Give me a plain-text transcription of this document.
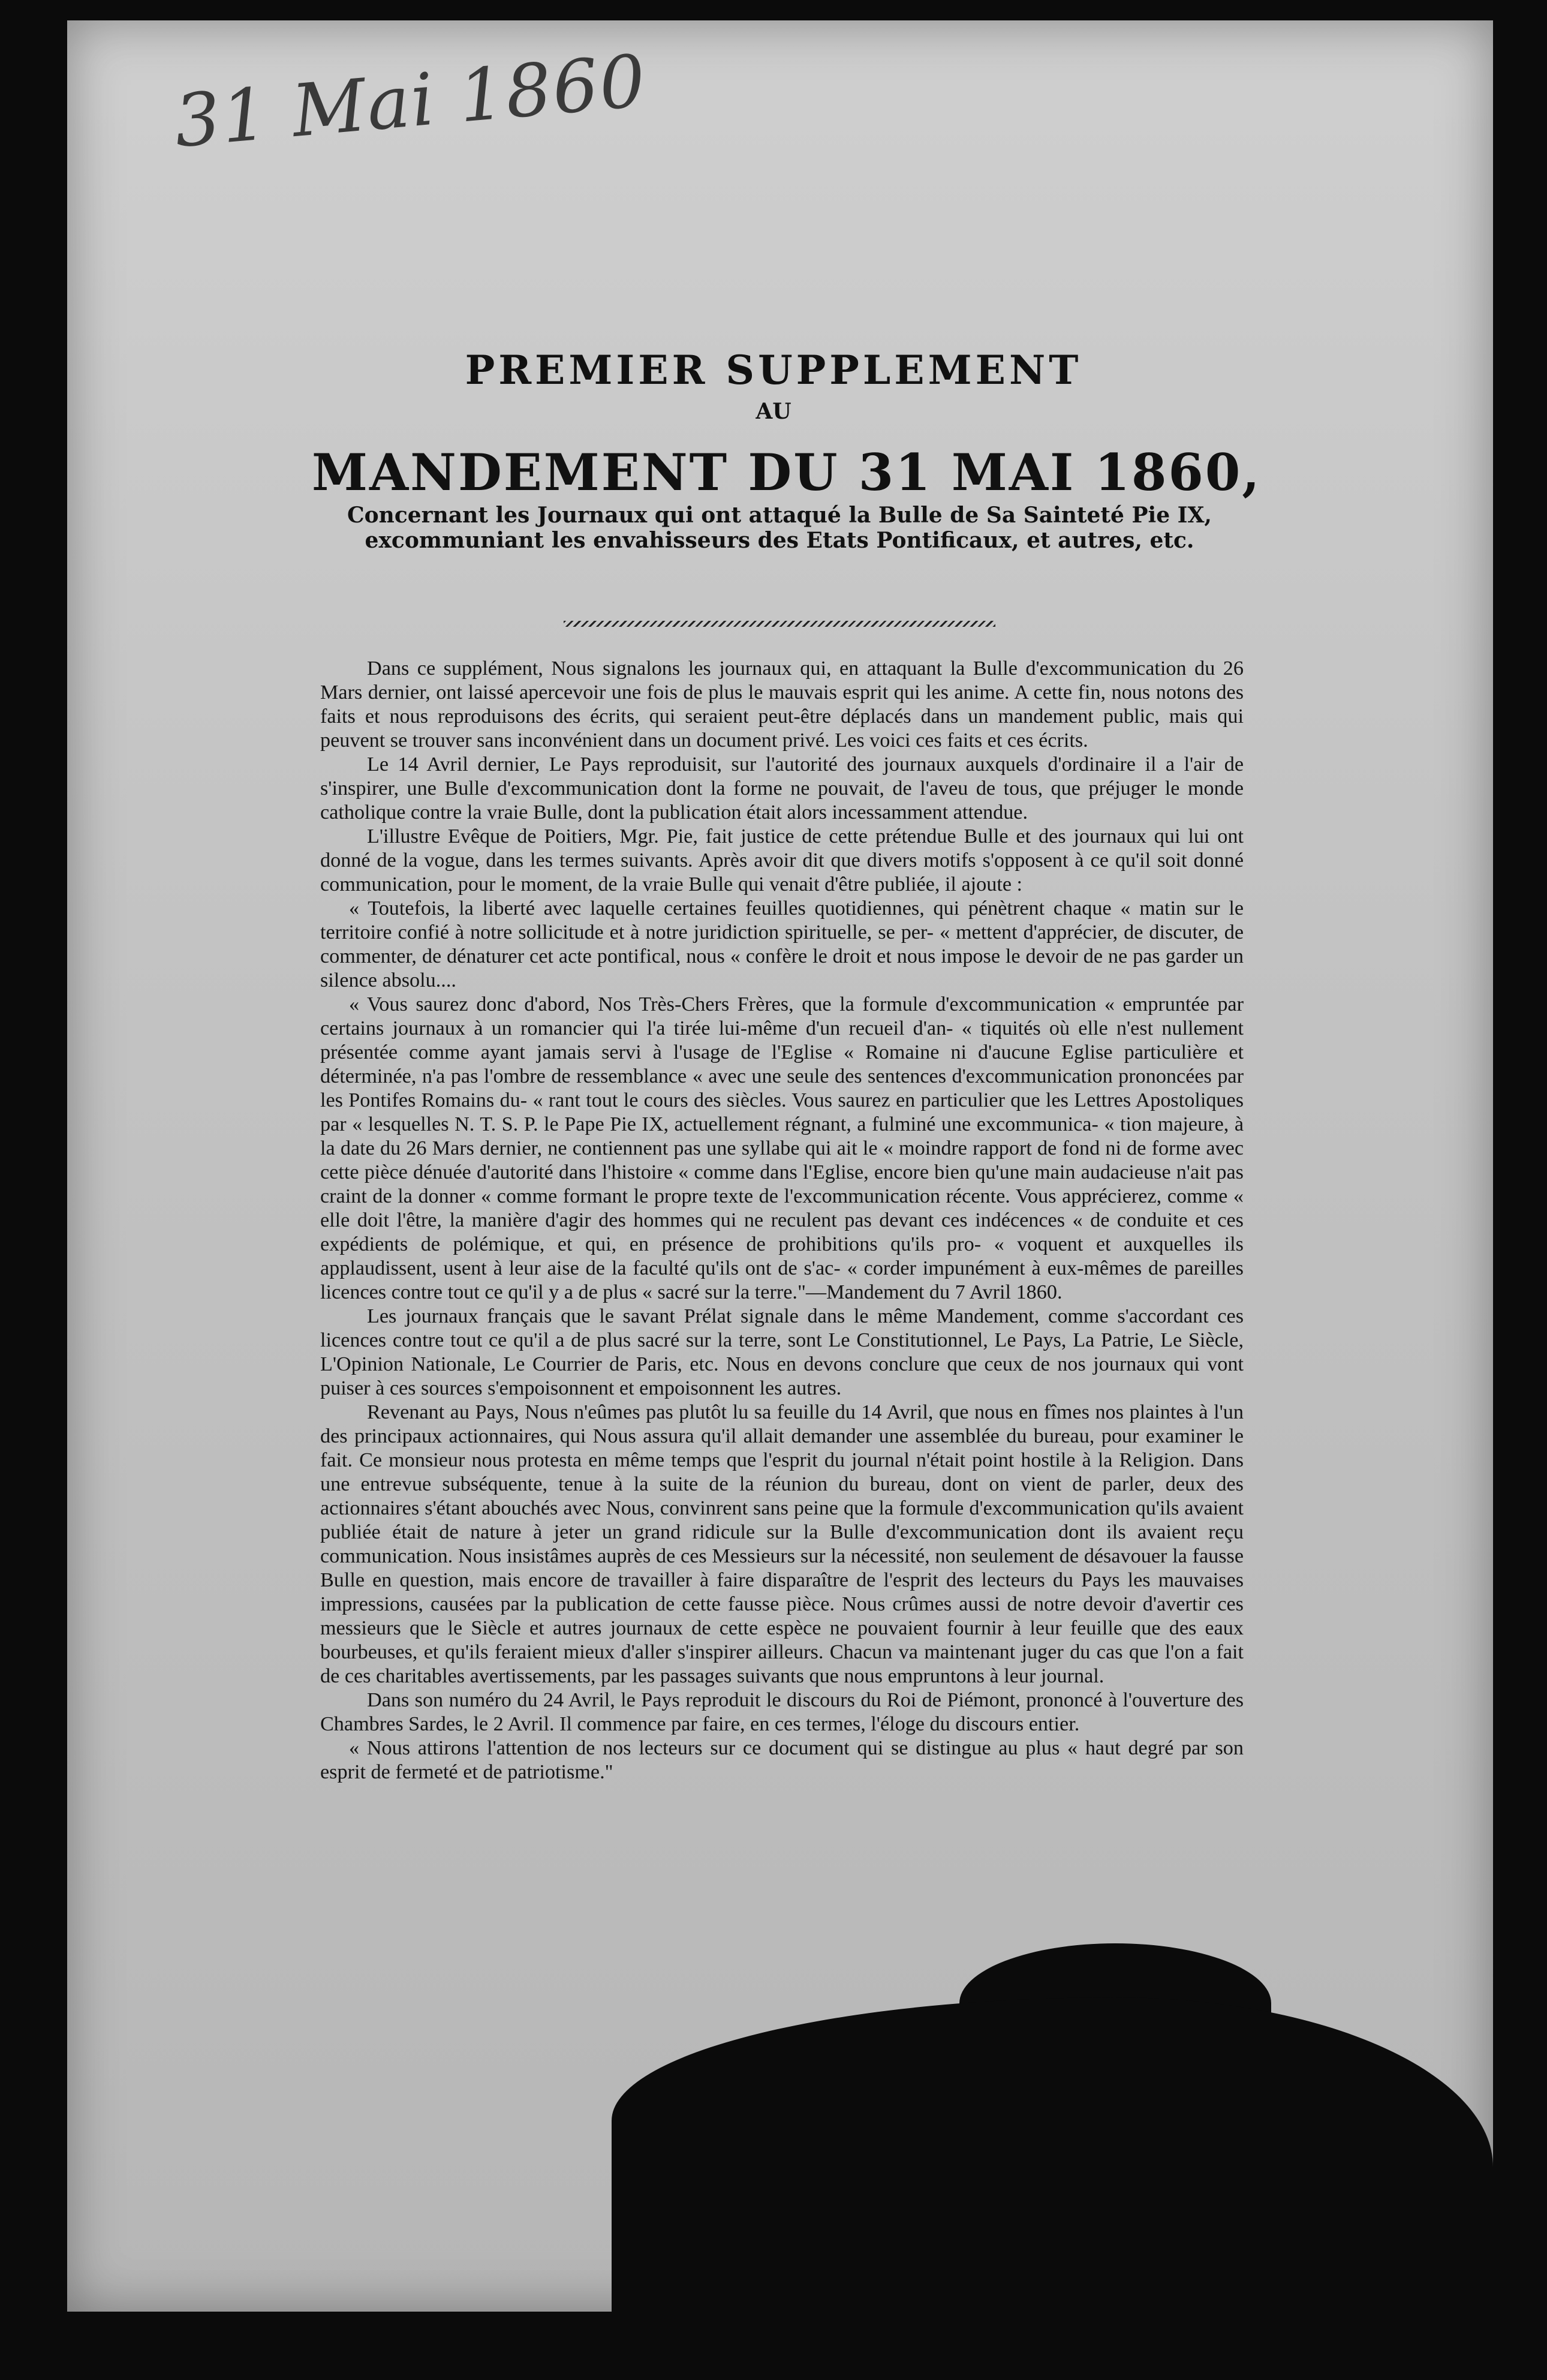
31 Mai 1860
PREMIER SUPPLEMENT
AU
MANDEMENT DU 31 MAI 1860,
Concernant les Journaux qui ont attaqué la Bulle de Sa Sainteté Pie IX, excommuniant les envahisseurs des Etats Pontificaux, et autres, etc.

Dans ce supplément, Nous signalons les journaux qui, en attaquant la Bulle d'excommunication du 26 Mars dernier, ont laissé apercevoir une fois de plus le mauvais esprit qui les anime. A cette fin, nous notons des faits et nous reproduisons des écrits, qui seraient peut-être déplacés dans un mandement public, mais qui peuvent se trouver sans inconvénient dans un document privé. Les voici ces faits et ces écrits.

Le 14 Avril dernier, Le Pays reproduisit, sur l'autorité des journaux auxquels d'ordinaire il a l'air de s'inspirer, une Bulle d'excommunication dont la forme ne pouvait, de l'aveu de tous, que préjuger le monde catholique contre la vraie Bulle, dont la publication était alors incessamment attendue.

L'illustre Evêque de Poitiers, Mgr. Pie, fait justice de cette prétendue Bulle et des journaux qui lui ont donné de la vogue, dans les termes suivants. Après avoir dit que divers motifs s'opposent à ce qu'il soit donné communication, pour le moment, de la vraie Bulle qui venait d'être publiée, il ajoute :

« Toutefois, la liberté avec laquelle certaines feuilles quotidiennes, qui pénètrent chaque « matin sur le territoire confié à notre sollicitude et à notre juridiction spirituelle, se per- « mettent d'apprécier, de discuter, de commenter, de dénaturer cet acte pontifical, nous « confère le droit et nous impose le devoir de ne pas garder un silence absolu....

« Vous saurez donc d'abord, Nos Très-Chers Frères, que la formule d'excommunication « empruntée par certains journaux à un romancier qui l'a tirée lui-même d'un recueil d'an- « tiquités où elle n'est nullement présentée comme ayant jamais servi à l'usage de l'Eglise « Romaine ni d'aucune Eglise particulière et déterminée, n'a pas l'ombre de ressemblance « avec une seule des sentences d'excommunication prononcées par les Pontifes Romains du- « rant tout le cours des siècles. Vous saurez en particulier que les Lettres Apostoliques par « lesquelles N. T. S. P. le Pape Pie IX, actuellement régnant, a fulminé une excommunica- « tion majeure, à la date du 26 Mars dernier, ne contiennent pas une syllabe qui ait le « moindre rapport de fond ni de forme avec cette pièce dénuée d'autorité dans l'histoire « comme dans l'Eglise, encore bien qu'une main audacieuse n'ait pas craint de la donner « comme formant le propre texte de l'excommunication récente. Vous apprécierez, comme « elle doit l'être, la manière d'agir des hommes qui ne reculent pas devant ces indécences « de conduite et ces expédients de polémique, et qui, en présence de prohibitions qu'ils pro- « voquent et auxquelles ils applaudissent, usent à leur aise de la faculté qu'ils ont de s'ac- « corder impunément à eux-mêmes de pareilles licences contre tout ce qu'il y a de plus « sacré sur la terre."—Mandement du 7 Avril 1860.

Les journaux français que le savant Prélat signale dans le même Mandement, comme s'accordant ces licences contre tout ce qu'il a de plus sacré sur la terre, sont Le Constitutionnel, Le Pays, La Patrie, Le Siècle, L'Opinion Nationale, Le Courrier de Paris, etc. Nous en devons conclure que ceux de nos journaux qui vont puiser à ces sources s'empoisonnent et empoisonnent les autres.

Revenant au Pays, Nous n'eûmes pas plutôt lu sa feuille du 14 Avril, que nous en fîmes nos plaintes à l'un des principaux actionnaires, qui Nous assura qu'il allait demander une assemblée du bureau, pour examiner le fait. Ce monsieur nous protesta en même temps que l'esprit du journal n'était point hostile à la Religion. Dans une entrevue subséquente, tenue à la suite de la réunion du bureau, dont on vient de parler, deux des actionnaires s'étant abouchés avec Nous, convinrent sans peine que la formule d'excommunication qu'ils avaient publiée était de nature à jeter un grand ridicule sur la Bulle d'excommunication dont ils avaient reçu communication. Nous insistâmes auprès de ces Messieurs sur la nécessité, non seulement de désavouer la fausse Bulle en question, mais encore de travailler à faire disparaître de l'esprit des lecteurs du Pays les mauvaises impressions, causées par la publication de cette fausse pièce. Nous crûmes aussi de notre devoir d'avertir ces messieurs que le Siècle et autres journaux de cette espèce ne pouvaient fournir à leur feuille que des eaux bourbeuses, et qu'ils feraient mieux d'aller s'inspirer ailleurs. Chacun va maintenant juger du cas que l'on a fait de ces charitables avertissements, par les passages suivants que nous empruntons à leur journal.

Dans son numéro du 24 Avril, le Pays reproduit le discours du Roi de Piémont, prononcé à l'ouverture des Chambres Sardes, le 2 Avril. Il commence par faire, en ces termes, l'éloge du discours entier.

« Nous attirons l'attention de nos lecteurs sur ce document qui se distingue au plus « haut degré par son esprit de fermeté et de patriotisme."
